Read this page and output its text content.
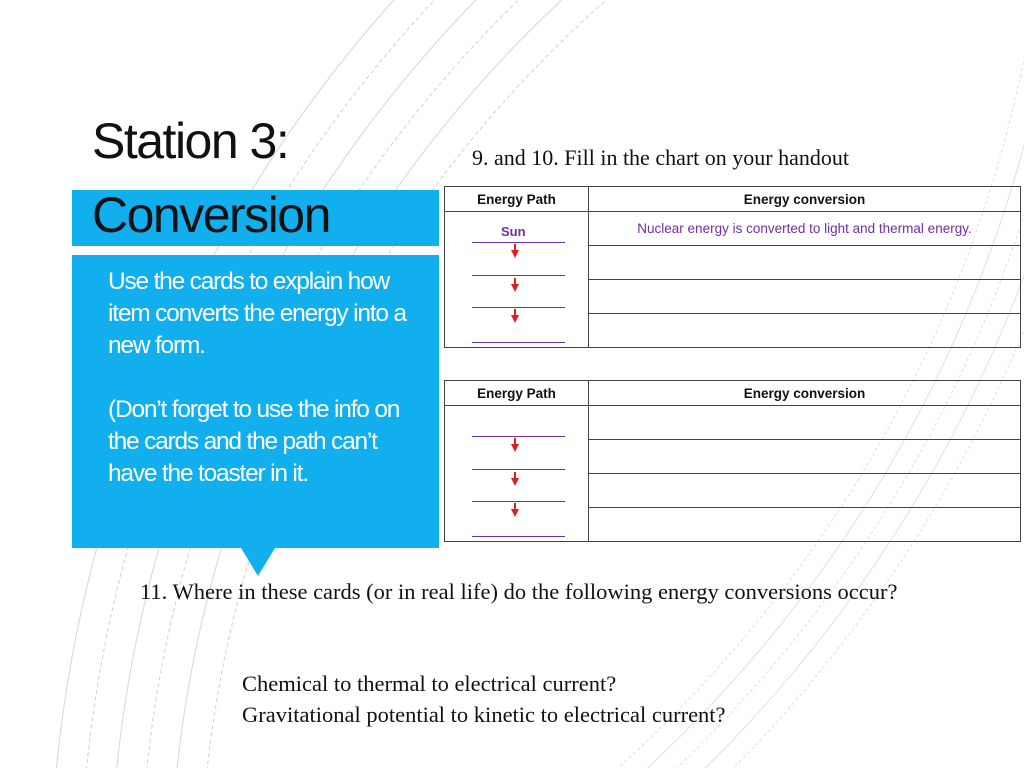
Station 3:
Conversion

Use the cards to explain how item converts the energy into a new form.

(Don’t forget to use the info on the cards and the path can’t have the toaster in it.

9. and 10. Fill in the chart on your handout
Energy Path	Energy conversion

Sun	Nuclear energy is converted to light and thermal energy.

Energy Path	Energy conversion

11. Where in these cards (or in real life) do the following energy conversions occur?
Chemical to thermal to electrical current?
Gravitational potential to kinetic to electrical current?
